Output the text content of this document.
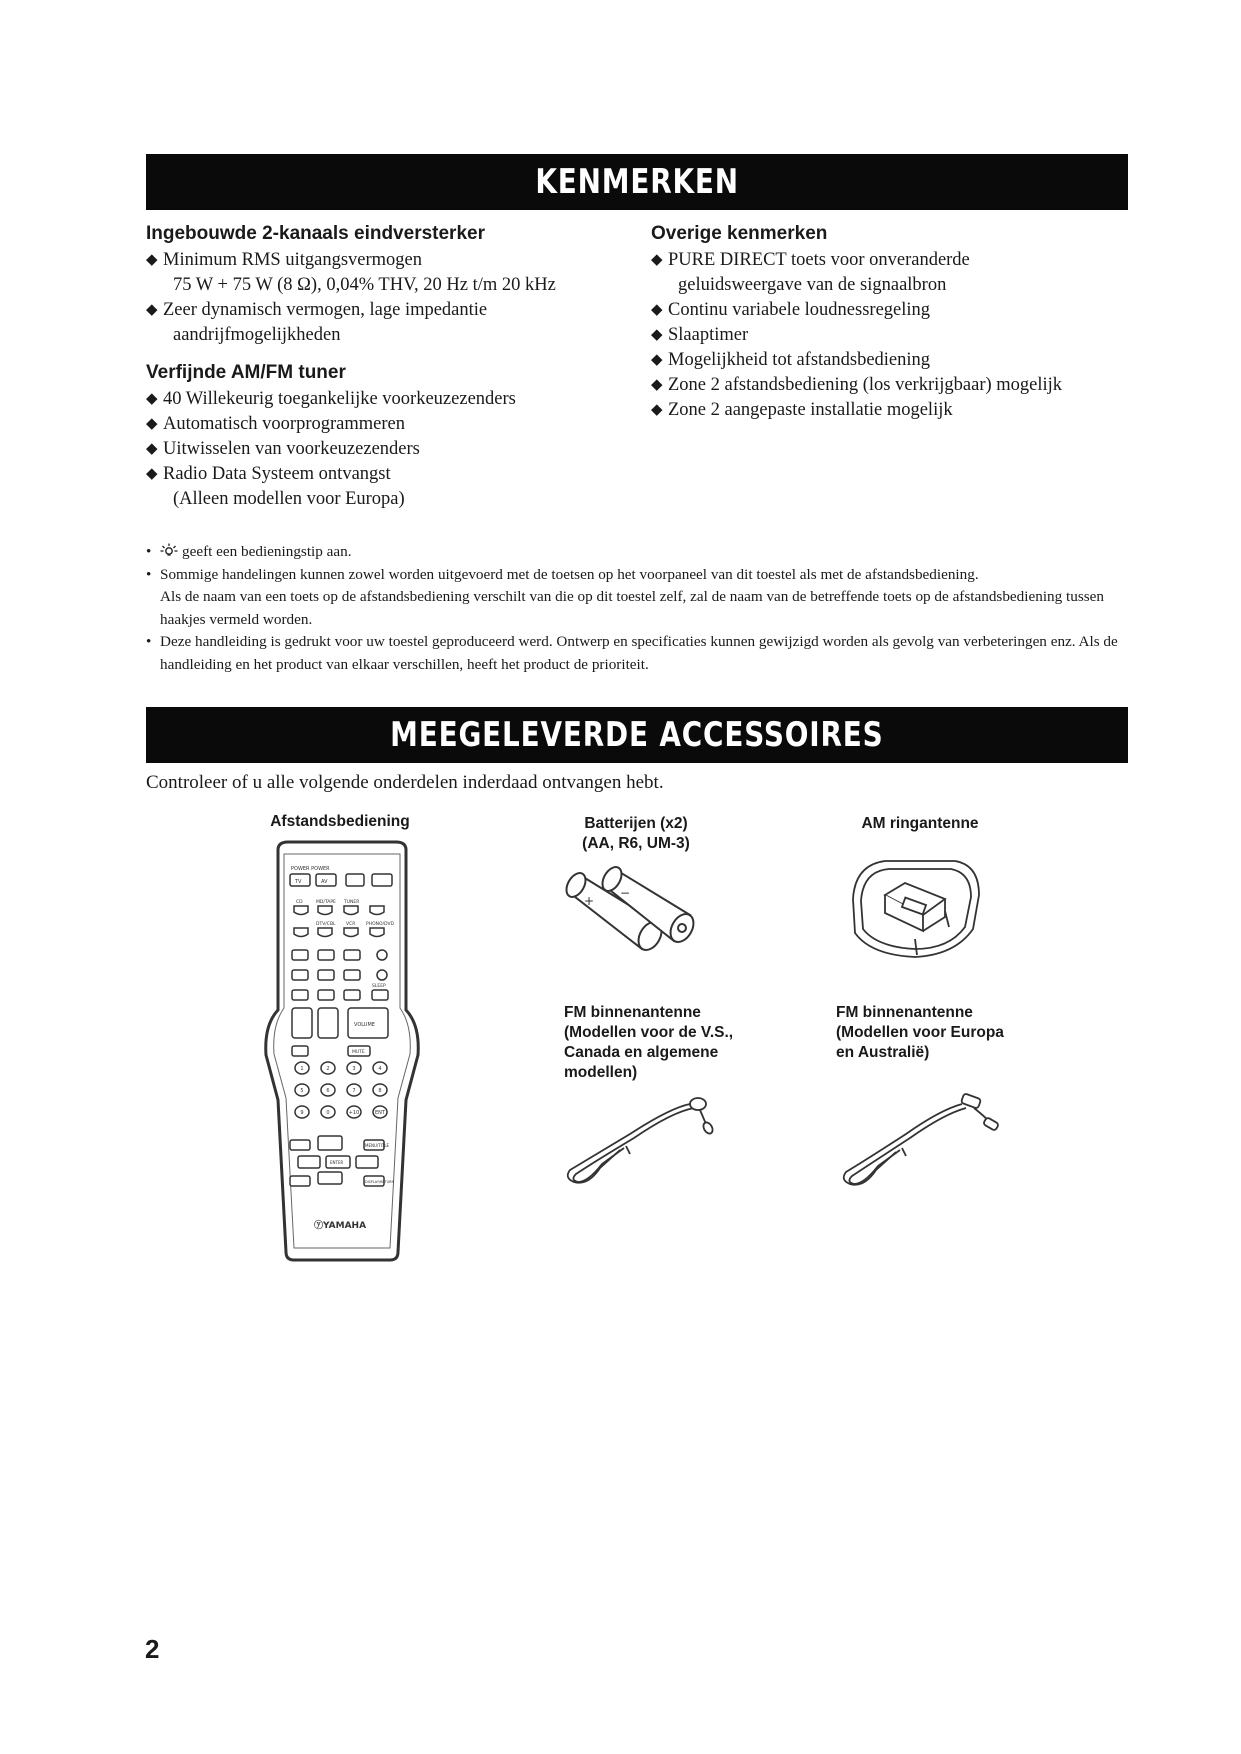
KENMERKEN
Ingebouwde 2-kanaals eindversterker
◆ Minimum RMS uitgangsvermogen
75 W + 75 W (8 Ω), 0,04% THV, 20 Hz t/m 20 kHz
◆ Zeer dynamisch vermogen, lage impedantie
aandrijfmogelijkheden
Verfijnde AM/FM tuner
◆ 40 Willekeurig toegankelijke voorkeuzezenders
◆ Automatisch voorprogrammeren
◆ Uitwisselen van voorkeuzezenders
◆ Radio Data Systeem ontvangst
(Alleen modellen voor Europa)
Overige kenmerken
◆ PURE DIRECT toets voor onveranderde
geluidsweergave van de signaalbron
◆ Continu variabele loudnessregeling
◆ Slaaptimer
◆ Mogelijkheid tot afstandsbediening
◆ Zone 2 afstandsbediening (los verkrijgbaar) mogelijk
◆ Zone 2 aangepaste installatie mogelijk
• geeft een bedieningstip aan.
• Sommige handelingen kunnen zowel worden uitgevoerd met de toetsen op het voorpaneel van dit toestel als met de afstandsbediening.
Als de naam van een toets op de afstandsbediening verschilt van die op dit toestel zelf, zal de naam van de betreffende toets op de afstandsbediening tussen haakjes vermeld worden.
• Deze handleiding is gedrukt voor uw toestel geproduceerd werd. Ontwerp en specificaties kunnen gewijzigd worden als gevolg van verbeteringen enz. Als de handleiding en het product van elkaar verschillen, heeft het product de prioriteit.
MEEGELEVERDE ACCESSOIRES
Controleer of u alle volgende onderdelen inderdaad ontvangen hebt.
Afstandsbediening	Batterijen (x2)
(AA, R6, UM-3)
AM ringantenne
FM binnenantenne
(Modellen voor de V.S.,
Canada en algemene
modellen)
FM binnenantenne
(Modellen voor Europa
en Australië)
POWER POWER
TV	AV
CD	MD/TAPE TUNER
DTV/CBL VCR PHONO/DVD
SLEEP
VOLUME
MUTE
1	2	3	4
5	6	7	8
9	0	+10	ENT
ENTER
MENU/TITLE
DISPLAY/RETURN
ⓨYAMAHA
+
−
2
